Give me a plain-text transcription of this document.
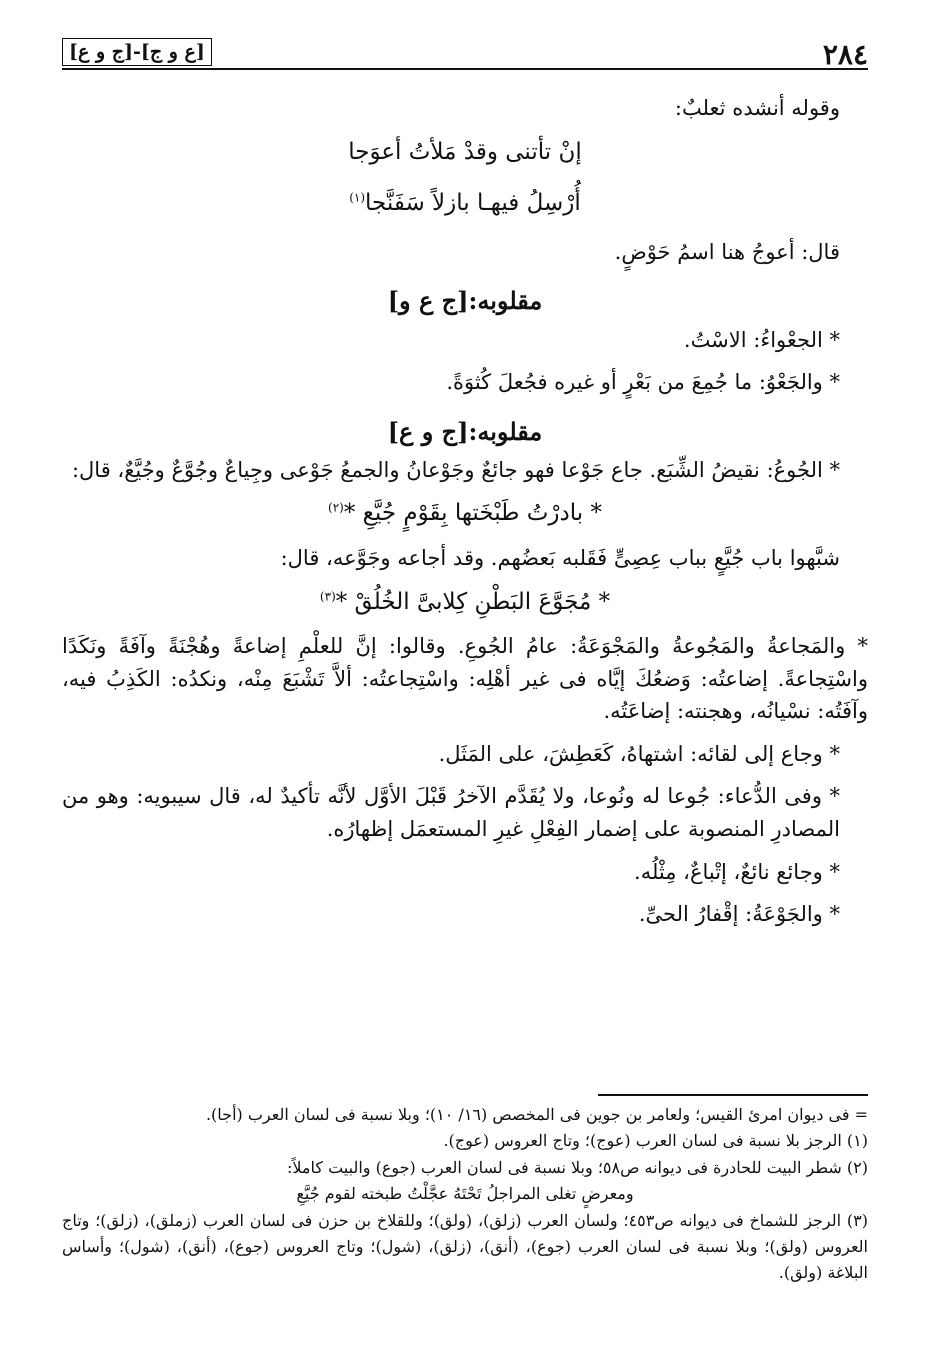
٢٨٤
[ع و ج]-[ج و ع]

وقوله أنشده ثعلبٌ:

إنْ تأتنى وقدْ مَلأتُ أعوَجا

أُرْسِلُ فيهـا بازلاً سَفَنَّجا$^{(١)}$

قال: أعوجُ هنا اسمُ حَوْضٍ.

مقلوبه:[ج ع و]

* الجعْواءُ: الاسْتُ.

* والجَعْوُ: ما جُمِعَ من بَعْرٍ أو غيره فجُعلَ كُثوَةً.

مقلوبه:[ج و ع]

* الجُوعُ: نقيضُ الشِّبَع. جاع جَوْعا فهو جائعٌ وجَوْعانُ والجمعُ جَوْعى وجِياعٌ وجُوَّعٌ وجُيَّعٌ، قال:

* بادرْتُ طَبْخَتها بِقَوْمٍ جُيَّعِ *$^{(٢)}$

شبَّهوا باب جُيَّعٍ بباب عِصِىٍّ فَقَلبه بَعضُهم. وقد أجاعه وجَوَّعه، قال:

* مُجَوَّعَ البَطْنِ كِلابىَّ الخُلُقْ *$^{(٣)}$

* والمَجاعةُ والمَجُوعةُ والمَجْوَعَةُ: عامُ الجُوعِ. وقالوا: إنَّ للعلْمِ إضاعةً وهُجْنَةً وآفَةً ونَكَدًا واسْتِجاعةً. إضاعتُه: وَضعُكَ إيَّاه فى غير أهْلِه: واسْتِجاعتُه: ألاَّ تَشْبَعَ مِنْه، ونكدُه: الكَذِبُ فيه، وآفَتُه: نسْيانُه، وهجنته: إضاعَتُه.

* وجاع إلى لقائه: اشتهاهُ، كَعَطِشَ، على المَثَل.

* وفى الدُّعاء: جُوعا له ونُوعا، ولا يُقَدَّم الآخرُ قَبْلَ الأوَّل لأنَّه تأكيدٌ له، قال سيبويه: وهو من المصادرِ المنصوبة على إضمار الفِعْلِ غيرِ المستعمَل إظهارُه.

* وجائع نائعٌ، إتْباعٌ، مِثْلُه.

* والجَوْعَةُ: إقْفارُ الحىِّ.

= فى ديوان امرئ القيس؛ ولعامر بن جوين فى المخصص (١٦/ ١٠)؛ وبلا نسبة فى لسان العرب (أجا).

(١) الرجز بلا نسبة فى لسان العرب (عوج)؛ وتاج العروس (عوج).

(٢) شطر البيت للحادرة فى ديوانه ص٥٨؛ وبلا نسبة فى لسان العرب (جوع) والبيت كاملاً:

ومعرضٍ تغلى المراجلُ تَحْتَهُ عجَّلْتُ طبخته لقوم جُيَّعِ

(٣) الرجز للشماخ فى ديوانه ص٤٥٣؛ ولسان العرب (زلق)، (ولق)؛ وللقلاخ بن حزن فى لسان العرب (زملق)، (زلق)؛ وتاج العروس (ولق)؛ وبلا نسبة فى لسان العرب (جوع)، (أنق)، (زلق)، (شول)؛ وتاج العروس (جوع)، (أنق)، (شول)؛ وأساس البلاغة (ولق).
